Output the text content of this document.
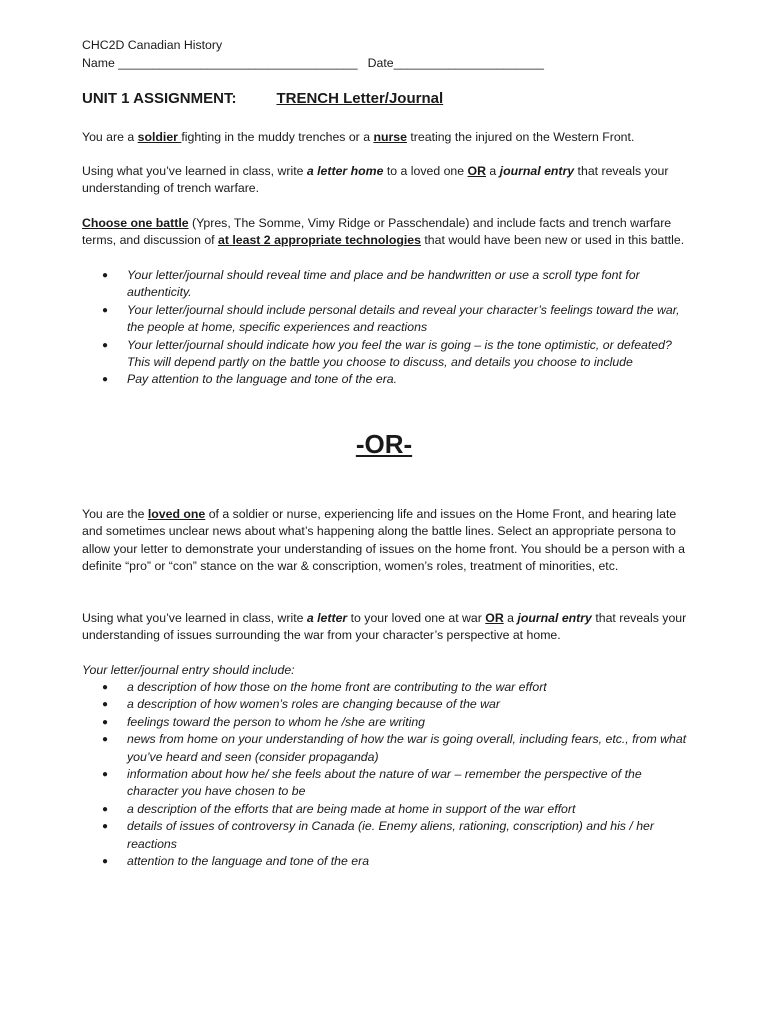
CHC2D Canadian History

Name ___________________________________ Date______________________

UNIT 1 ASSIGNMENT:	TRENCH Letter/Journal

You are a soldier fighting in the muddy trenches or a nurse treating the injured on the Western Front.

Using what you’ve learned in class, write a letter home to a loved one OR a journal entry that reveals your understanding of trench warfare.

Choose one battle (Ypres, The Somme, Vimy Ridge or Passchendale) and include facts and trench warfare terms, and discussion of at least 2 appropriate technologies that would have been new or used in this battle.

● Your letter/journal should reveal time and place and be handwritten or use a scroll type font for authenticity.
● Your letter/journal should include personal details and reveal your character’s feelings toward the war, the people at home, specific experiences and reactions
● Your letter/journal should indicate how you feel the war is going – is the tone optimistic, or defeated? This will depend partly on the battle you choose to discuss, and details you choose to include
● Pay attention to the language and tone of the era.
-OR-

You are the loved one of a soldier or nurse, experiencing life and issues on the Home Front, and hearing late and sometimes unclear news about what’s happening along the battle lines. Select an appropriate persona to allow your letter to demonstrate your understanding of issues on the home front. You should be a person with a definite “pro” or “con” stance on the war & conscription, women’s roles, treatment of minorities, etc.

Using what you’ve learned in class, write a letter to your loved one at war OR a journal entry that reveals your understanding of issues surrounding the war from your character’s perspective at home.

Your letter/journal entry should include:

● a description of how those on the home front are contributing to the war effort
● a description of how women’s roles are changing because of the war
● feelings toward the person to whom he /she are writing
● news from home on your understanding of how the war is going overall, including fears, etc., from what you’ve heard and seen (consider propaganda)
● information about how he/ she feels about the nature of war – remember the perspective of the character you have chosen to be
● a description of the efforts that are being made at home in support of the war effort
● details of issues of controversy in Canada (ie. Enemy aliens, rationing, conscription) and his / her reactions
● attention to the language and tone of the era
